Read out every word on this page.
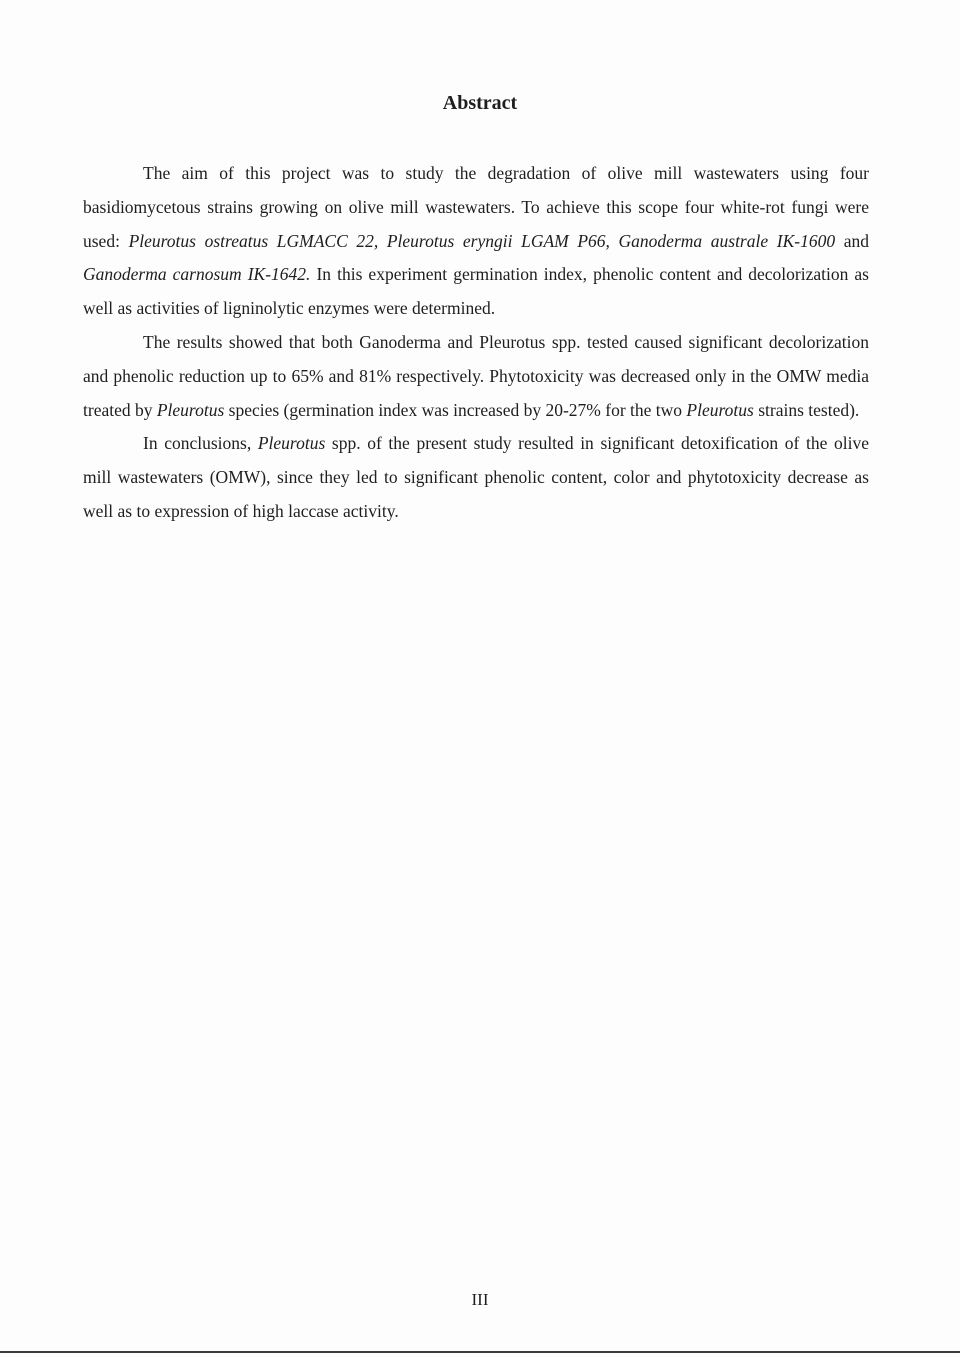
Abstract

The aim of this project was to study the degradation of olive mill wastewaters using four basidiomycetous strains growing on olive mill wastewaters. To achieve this scope four white-rot fungi were used: Pleurotus ostreatus LGMACC 22, Pleurotus eryngii LGAM P66, Ganoderma australe IK-1600 and Ganoderma carnosum IK-1642. In this experiment germination index, phenolic content and decolorization as well as activities of ligninolytic enzymes were determined.

The results showed that both Ganoderma and Pleurotus spp. tested caused significant decolorization and phenolic reduction up to 65% and 81% respectively. Phytotoxicity was decreased only in the OMW media treated by Pleurotus species (germination index was increased by 20-27% for the two Pleurotus strains tested).

In conclusions, Pleurotus spp. of the present study resulted in significant detoxification of the olive mill wastewaters (OMW), since they led to significant phenolic content, color and phytotoxicity decrease as well as to expression of high laccase activity.

III
